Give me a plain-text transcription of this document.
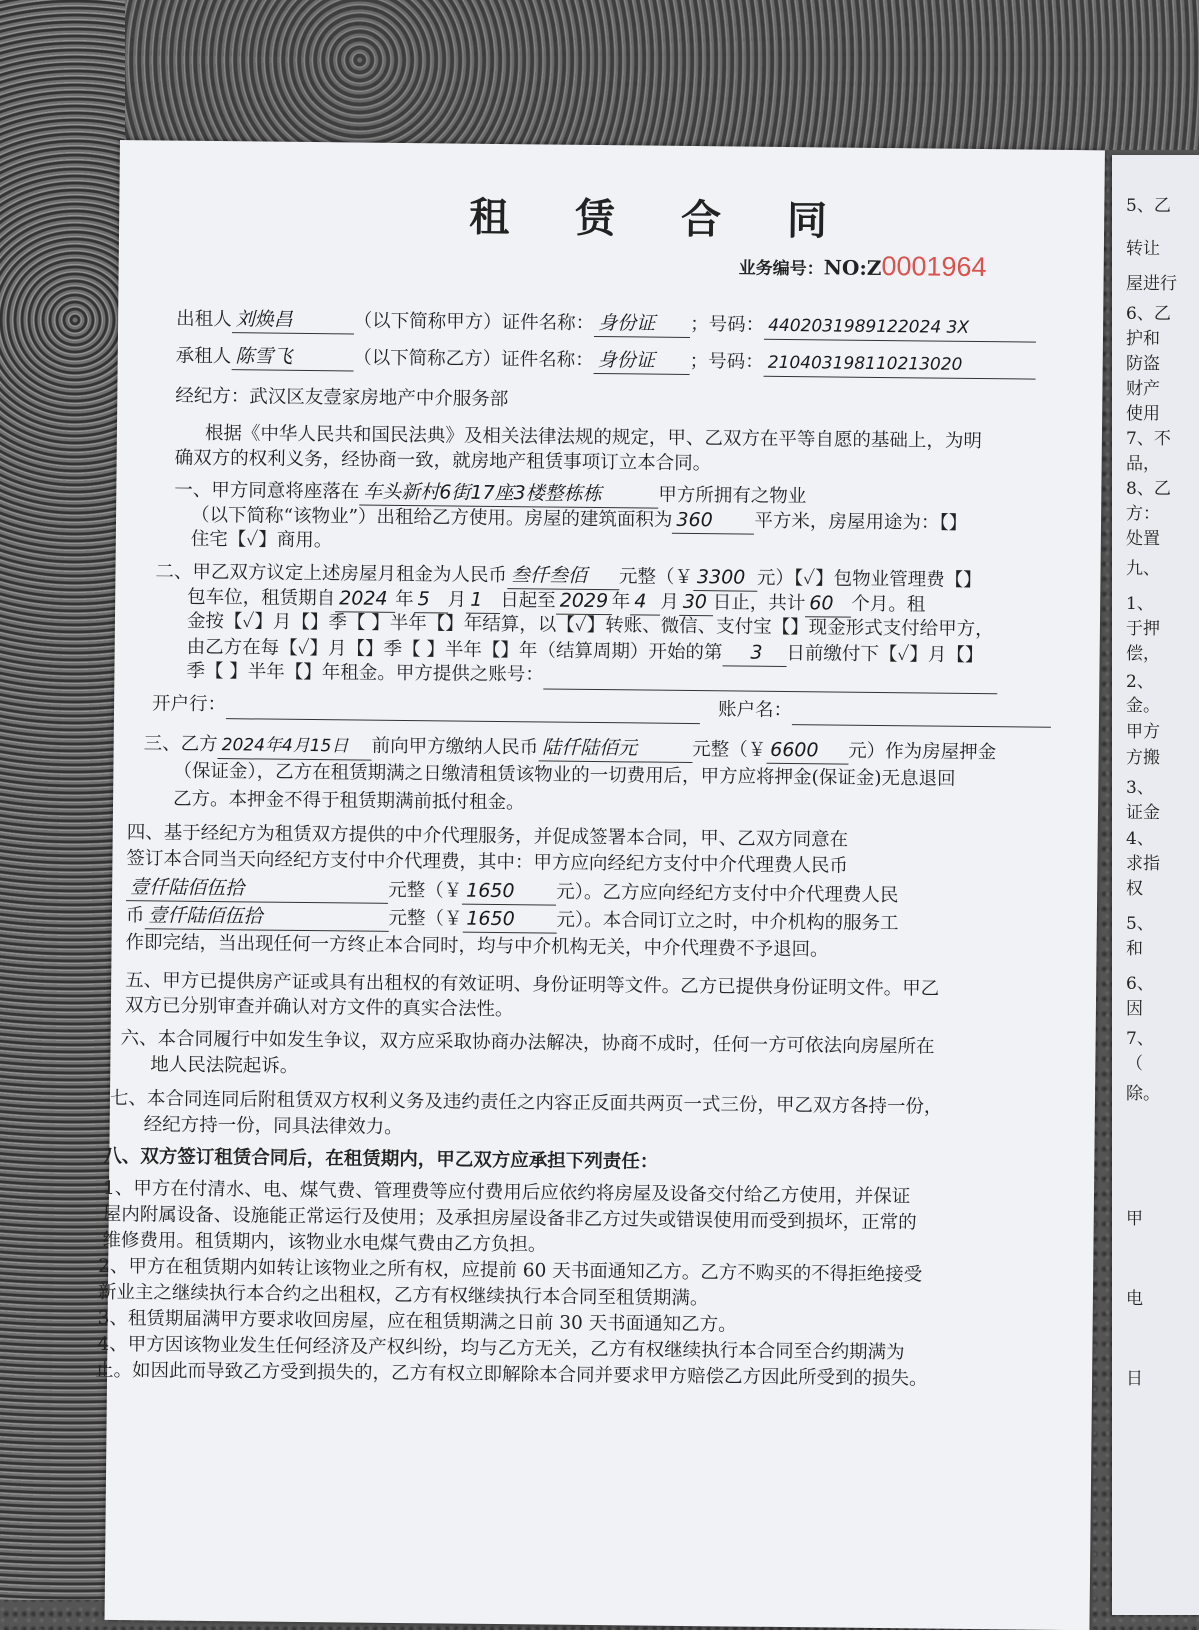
5、乙
转让
屋进行
6、乙
护和
防盗
财产
使用
7、不
品，
8、乙
方：
处置
九、
1、
于押
偿，
2、
金。
甲方
方搬
3、
证金
4、
求指
权
5、
和
6、
因
7、
（
除。
甲
电
日
租 赁 合 同
业务编号：NO:Z0001964
出租人 刘焕昌	（以下简称甲方）证件名称： 身份证 ；号码： 4402031989122024 3X
承租人 陈雪飞	（以下简称乙方）证件名称： 身份证 ；号码： 210403198110213020
经纪方：武汉区友壹家房地产中介服务部
根据《中华人民共和国民法典》及相关法律法规的规定，甲、乙双方在平等自愿的基础上，为明
确双方的权利义务，经协商一致，就房地产租赁事项订立本合同。
一、甲方同意将座落在 车头新村6街17座3楼整栋栋	甲方所拥有之物业
（以下简称“该物业”）出租给乙方使用。房屋的建筑面积为 360 平方米，房屋用途为：【】
住宅【✓】商用。
二、甲乙双方议定上述房屋月租金为人民币 叁仟叁佰 元整（￥ 3300 元）【✓】包物业管理费【】
包车位，租赁期自 2024 年 5 月 1 日起至 2029 年 4 月 30 日止，共计 60 个月。租
金按【✓】月【】季【 】半年【】年结算，以【✓】转账、微信、支付宝【】现金形式支付给甲方，
由乙方在每【✓】月【】季【 】半年【】年（结算周期）开始的第 3 日前缴付下【✓】月【】
季【 】半年【】年租金。甲方提供之账号： ​
开户行： ​	账户名： ​
三、乙方 2024年4月15日 前向甲方缴纳人民币 陆仟陆佰元	元整（￥ 6600 元）作为房屋押金
（保证金），乙方在租赁期满之日缴清租赁该物业的一切费用后，甲方应将押金(保证金)无息退回
乙方。本押金不得于租赁期满前抵付租金。
四、基于经纪方为租赁双方提供的中介代理服务，并促成签署本合同，甲、乙双方同意在
签订本合同当天向经纪方支付中介代理费，其中：甲方应向经纪方支付中介代理费人民币
壹仟陆佰伍拾	元整（￥ 1650 元）。乙方应向经纪方支付中介代理费人民
币 壹仟陆佰伍拾	元整（￥ 1650 元）。本合同订立之时，中介机构的服务工
作即完结，当出现任何一方终止本合同时，均与中介机构无关，中介代理费不予退回。
五、甲方已提供房产证或具有出租权的有效证明、身份证明等文件。乙方已提供身份证明文件。甲乙
双方已分别审查并确认对方文件的真实合法性。
六、本合同履行中如发生争议，双方应采取协商办法解决，协商不成时，任何一方可依法向房屋所在
地人民法院起诉。
七、本合同连同后附租赁双方权利义务及违约责任之内容正反面共两页一式三份，甲乙双方各持一份，
经纪方持一份，同具法律效力。
八、双方签订租赁合同后，在租赁期内，甲乙双方应承担下列责任：
1、甲方在付清水、电、煤气费、管理费等应付费用后应依约将房屋及设备交付给乙方使用，并保证
屋内附属设备、设施能正常运行及使用；及承担房屋设备非乙方过失或错误使用而受到损坏，正常的
维修费用。租赁期内，该物业水电煤气费由乙方负担。
2、甲方在租赁期内如转让该物业之所有权，应提前 60 天书面通知乙方。乙方不购买的不得拒绝接受
新业主之继续执行本合约之出租权，乙方有权继续执行本合同至租赁期满。
3、租赁期届满甲方要求收回房屋，应在租赁期满之日前 30 天书面通知乙方。
4、甲方因该物业发生任何经济及产权纠纷，均与乙方无关，乙方有权继续执行本合同至合约期满为
止。如因此而导致乙方受到损失的，乙方有权立即解除本合同并要求甲方赔偿乙方因此所受到的损失。
